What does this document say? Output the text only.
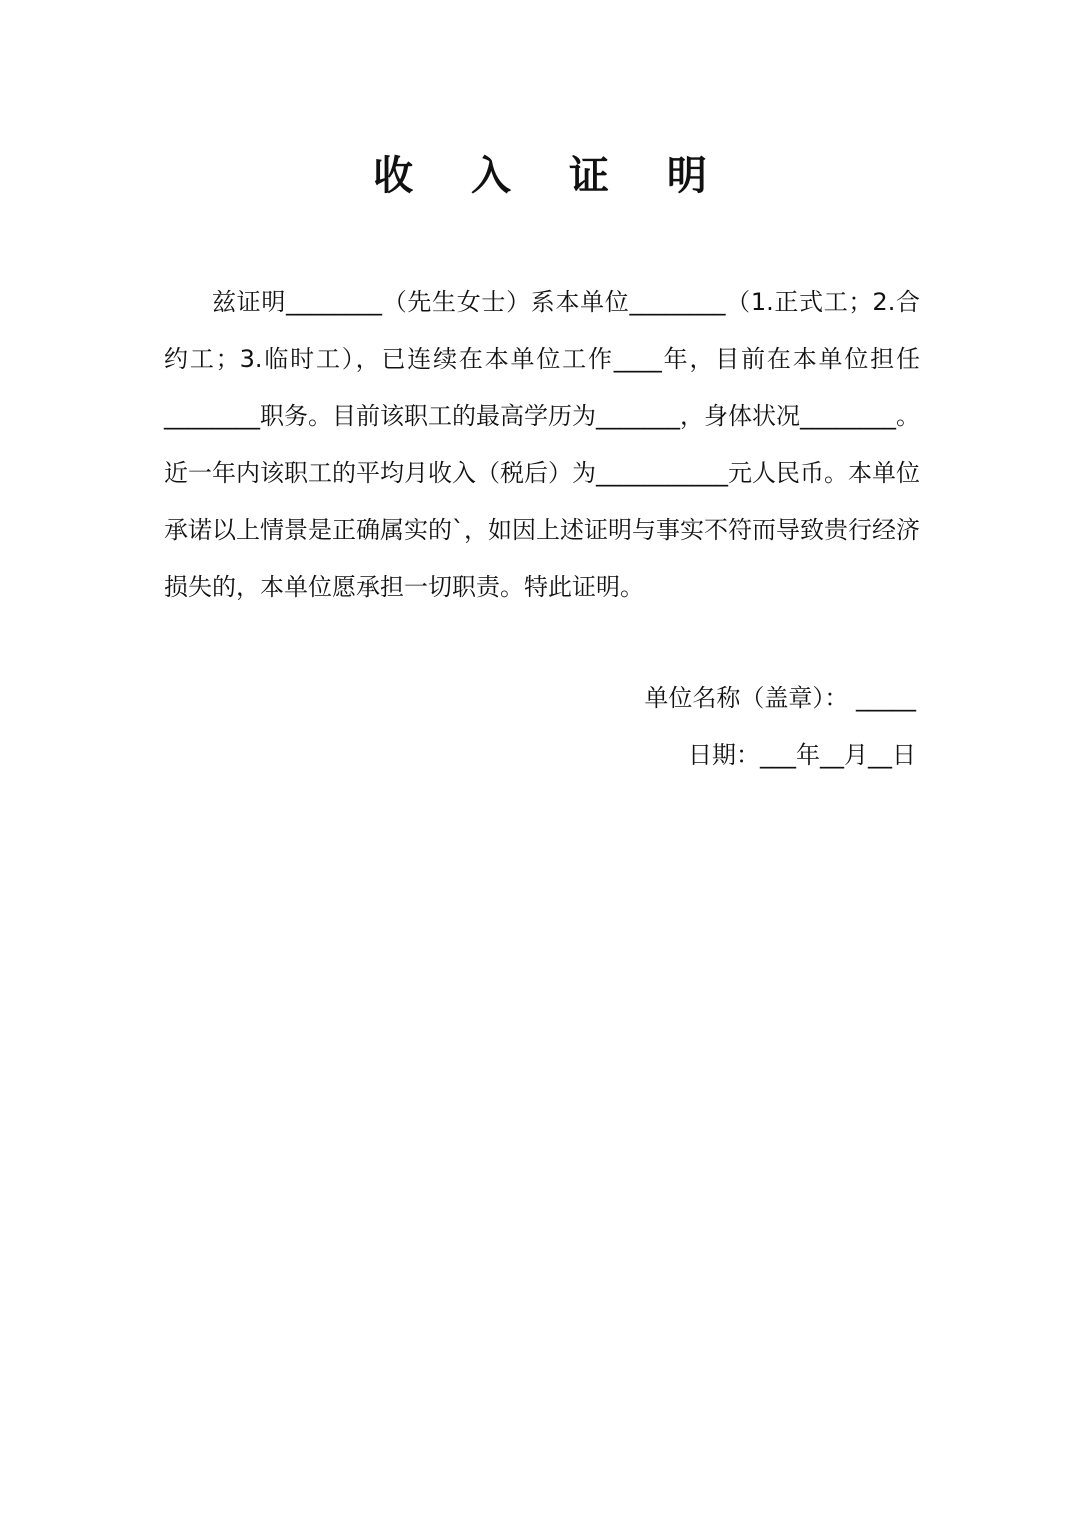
收 入 证 明

兹证明________（先生女士）系本单位________（1.正式工；2.合约工；3.临时工），已连续在本单位工作____年，目前在本单位担任________职务。目前该职工的最高学历为_______，身体状况________。近一年内该职工的平均月收入（税后）为___________元人民币。本单位承诺以上情景是正确属实的`，如因上述证明与事实不符而导致贵行经济损失的，本单位愿承担一切职责。特此证明。

单位名称（盖章）： _____
日期：___年__月__日
